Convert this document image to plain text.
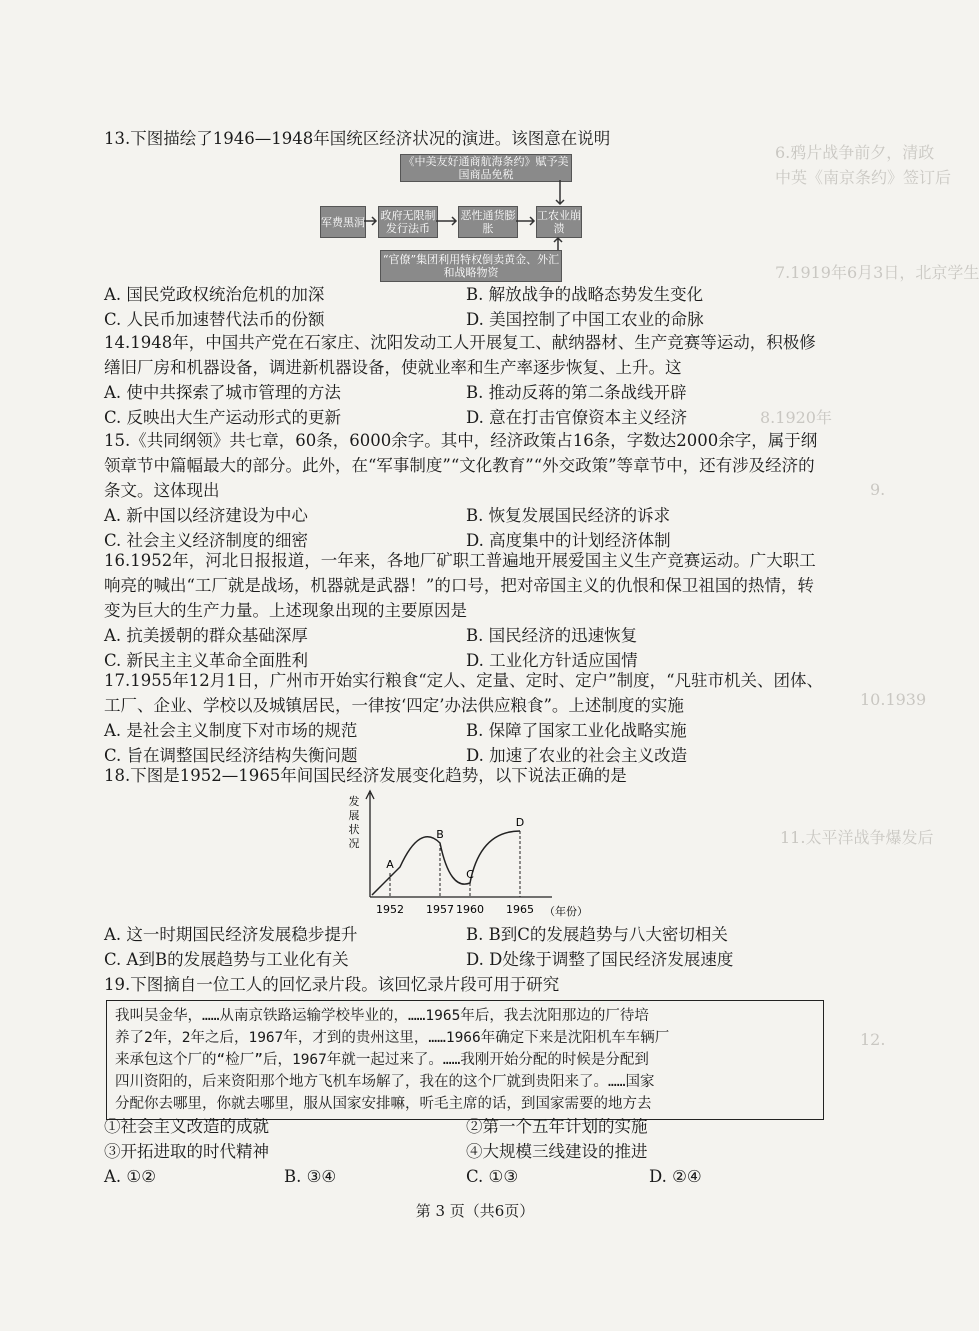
6.鸦片战争前夕，清政
中英《南京条约》签订后
7.1919年6月3日，北京学生
8.1920年
9.
10.1939
11.太平洋战争爆发后
12.
13.下图描绘了1946—1948年国统区经济状况的演进。该图意在说明
《中美友好通商航海条约》赋予美国商品免税
军费黑洞 政府无限制发行法币
恶性通货膨胀
工农业崩溃
“官僚”集团利用特权倒卖黄金、外汇和战略物资
A. 国民党政权统治危机的加深	B. 解放战争的战略态势发生变化
C. 人民币加速替代法币的份额	D. 美国控制了中国工农业的命脉
14.1948年，中国共产党在石家庄、沈阳发动工人开展复工、献纳器材、生产竞赛等运动，积极修缮旧厂房和机器设备，调进新机器设备，使就业率和生产率逐步恢复、上升。这
A. 使中共探索了城市管理的方法	B. 推动反蒋的第二条战线开辟
C. 反映出大生产运动形式的更新	D. 意在打击官僚资本主义经济
15.《共同纲领》共七章，60条，6000余字。其中，经济政策占16条，字数达2000余字，属于纲领章节中篇幅最大的部分。此外，在“军事制度”“文化教育”“外交政策”等章节中，还有涉及经济的条文。这体现出
A. 新中国以经济建设为中心	B. 恢复发展国民经济的诉求
C. 社会主义经济制度的细密	D. 高度集中的计划经济体制
16.1952年，河北日报报道，一年来，各地厂矿职工普遍地开展爱国主义生产竞赛运动。广大职工响亮的喊出“工厂就是战场，机器就是武器！”的口号，把对帝国主义的仇恨和保卫祖国的热情，转变为巨大的生产力量。上述现象出现的主要原因是
A. 抗美援朝的群众基础深厚	B. 国民经济的迅速恢复
C. 新民主主义革命全面胜利	D. 工业化方针适应国情
17.1955年12月1日，广州市开始实行粮食“定人、定量、定时、定户”制度，“凡驻市机关、团体、工厂、企业、学校以及城镇居民，一律按‘四定’办法供应粮食”。上述制度的实施
A. 是社会主义制度下对市场的规范	B. 保障了国家工业化战略实施
C. 旨在调整国民经济结构失衡问题	D. 加速了农业的社会主义改造
18.下图是1952—1965年间国民经济发展变化趋势，以下说法正确的是
发
展
状
况
（年份）
1952 1957 1960 1965
A
B
C
D
A. 这一时期国民经济发展稳步提升	B. B到C的发展趋势与八大密切相关
C. A到B的发展趋势与工业化有关	D. D处缘于调整了国民经济发展速度
19.下图摘自一位工人的回忆录片段。该回忆录片段可用于研究
我叫吴金华，……从南京铁路运输学校毕业的，……1965年后，我去沈阳那边的厂待培
养了2年，2年之后，1967年，才到的贵州这里，……1966年确定下来是沈阳机车车辆厂
来承包这个厂的“检厂”后，1967年就一起过来了。……我刚开始分配的时候是分配到
四川资阳的，后来资阳那个地方飞机车场解了，我在的这个厂就到贵阳来了。……国家
分配你去哪里，你就去哪里，服从国家安排嘛，听毛主席的话，到国家需要的地方去
①社会主义改造的成就	②第一个五年计划的实施
③开拓进取的时代精神	④大规模三线建设的推进
A. ①②	B. ③④	C. ①③	D. ②④
第 3 页（共6页）
